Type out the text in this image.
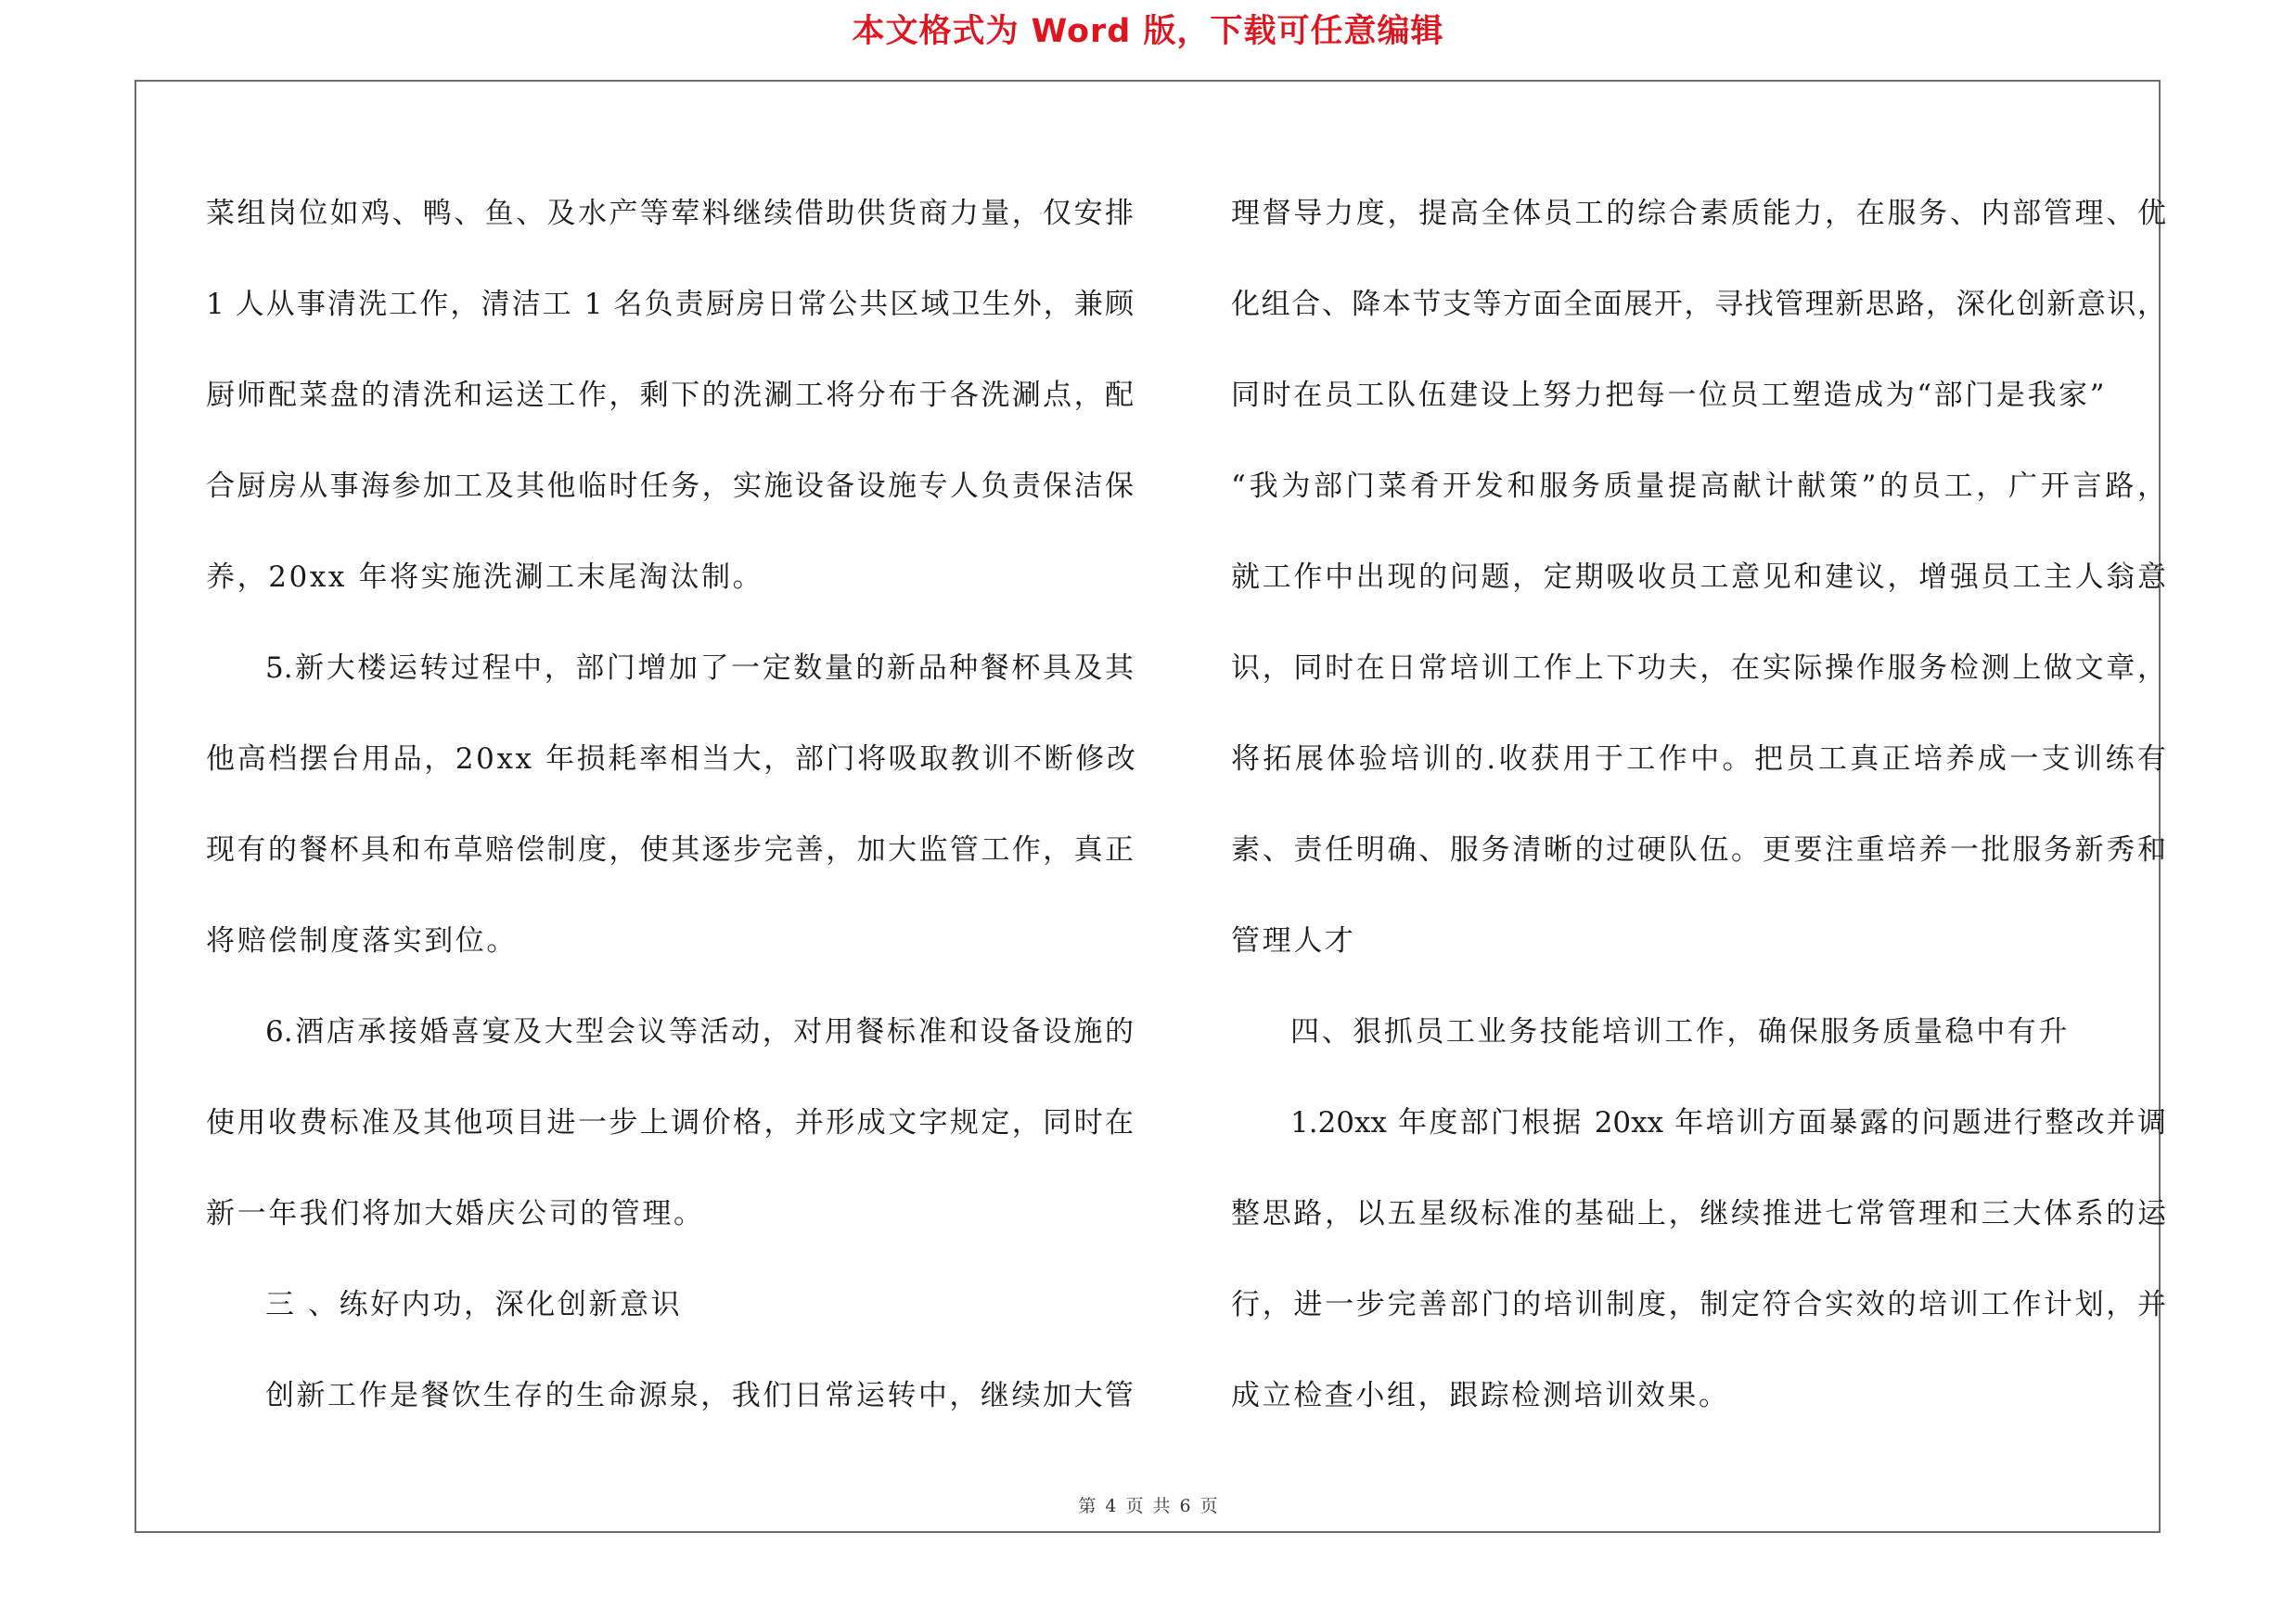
本文格式为 Word 版，下载可任意编辑
菜组岗位如鸡、鸭、鱼、及水产等荤料继续借助供货商力量，仅安排
1 人从事清洗工作，清洁工 1 名负责厨房日常公共区域卫生外，兼顾
厨师配菜盘的清洗和运送工作，剩下的洗涮工将分布于各洗涮点，配
合厨房从事海参加工及其他临时任务，实施设备设施专人负责保洁保
养，20xx 年将实施洗涮工末尾淘汰制。
5.新大楼运转过程中，部门增加了一定数量的新品种餐杯具及其
他高档摆台用品，20xx 年损耗率相当大，部门将吸取教训不断修改
现有的餐杯具和布草赔偿制度，使其逐步完善，加大监管工作，真正
将赔偿制度落实到位。
6.酒店承接婚喜宴及大型会议等活动，对用餐标准和设备设施的
使用收费标准及其他项目进一步上调价格，并形成文字规定，同时在
新一年我们将加大婚庆公司的管理。
三 、练好内功，深化创新意识
创新工作是餐饮生存的生命源泉，我们日常运转中，继续加大管
理督导力度，提高全体员工的综合素质能力，在服务、内部管理、优
化组合、降本节支等方面全面展开，寻找管理新思路，深化创新意识，
同时在员工队伍建设上努力把每一位员工塑造成为“部门是我家”
“我为部门菜肴开发和服务质量提高献计献策”的员工，广开言路，
就工作中出现的问题，定期吸收员工意见和建议，增强员工主人翁意
识，同时在日常培训工作上下功夫，在实际操作服务检测上做文章，
将拓展体验培训的.收获用于工作中。把员工真正培养成一支训练有
素、责任明确、服务清晰的过硬队伍。更要注重培养一批服务新秀和
管理人才
四、狠抓员工业务技能培训工作，确保服务质量稳中有升
1.20xx 年度部门根据 20xx 年培训方面暴露的问题进行整改并调
整思路，以五星级标准的基础上，继续推进七常管理和三大体系的运
行，进一步完善部门的培训制度，制定符合实效的培训工作计划，并
成立检查小组，跟踪检测培训效果。
第 4 页 共 6 页
